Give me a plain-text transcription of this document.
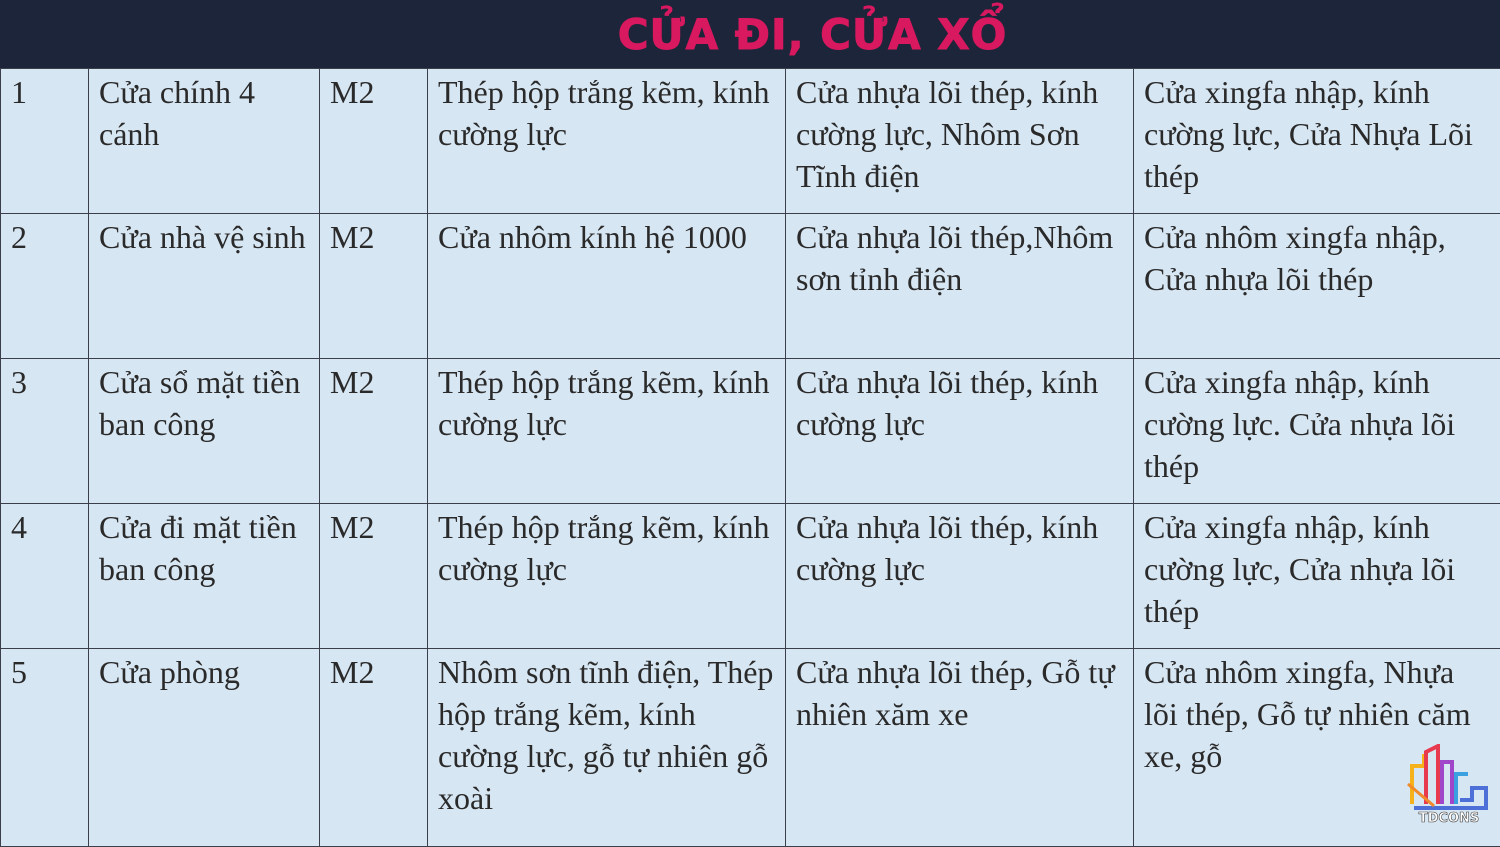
CỬA ĐI, CỬA XỔ
1	Cửa chính 4 cánh	M2	Thép hộp trắng kẽm, kính cường lực	Cửa nhựa lõi thép, kính cường lực, Nhôm Sơn Tĩnh điện	Cửa xingfa nhập, kính cường lực, Cửa Nhựa Lõi thép
2	Cửa nhà vệ sinh	M2	Cửa nhôm kính hệ 1000	Cửa nhựa lõi thép,Nhôm sơn tỉnh điện	Cửa nhôm xingfa nhập, Cửa nhựa lõi thép
3	Cửa sổ mặt tiền ban công	M2	Thép hộp trắng kẽm, kính cường lực	Cửa nhựa lõi thép, kính cường lực	Cửa xingfa nhập, kính cường lực. Cửa nhựa lõi thép
4	Cửa đi mặt tiền ban công	M2	Thép hộp trắng kẽm, kính cường lực	Cửa nhựa lõi thép, kính cường lực	Cửa xingfa nhập, kính cường lực, Cửa nhựa lõi thép
5	Cửa phòng	M2	Nhôm sơn tĩnh điện, Thép hộp trắng kẽm, kính cường lực, gỗ tự nhiên gỗ xoài	Cửa nhựa lõi thép, Gỗ tự nhiên xăm xe	Cửa nhôm xingfa, Nhựa lõi thép, Gỗ tự nhiên căm xe, gỗ
TDCONS
